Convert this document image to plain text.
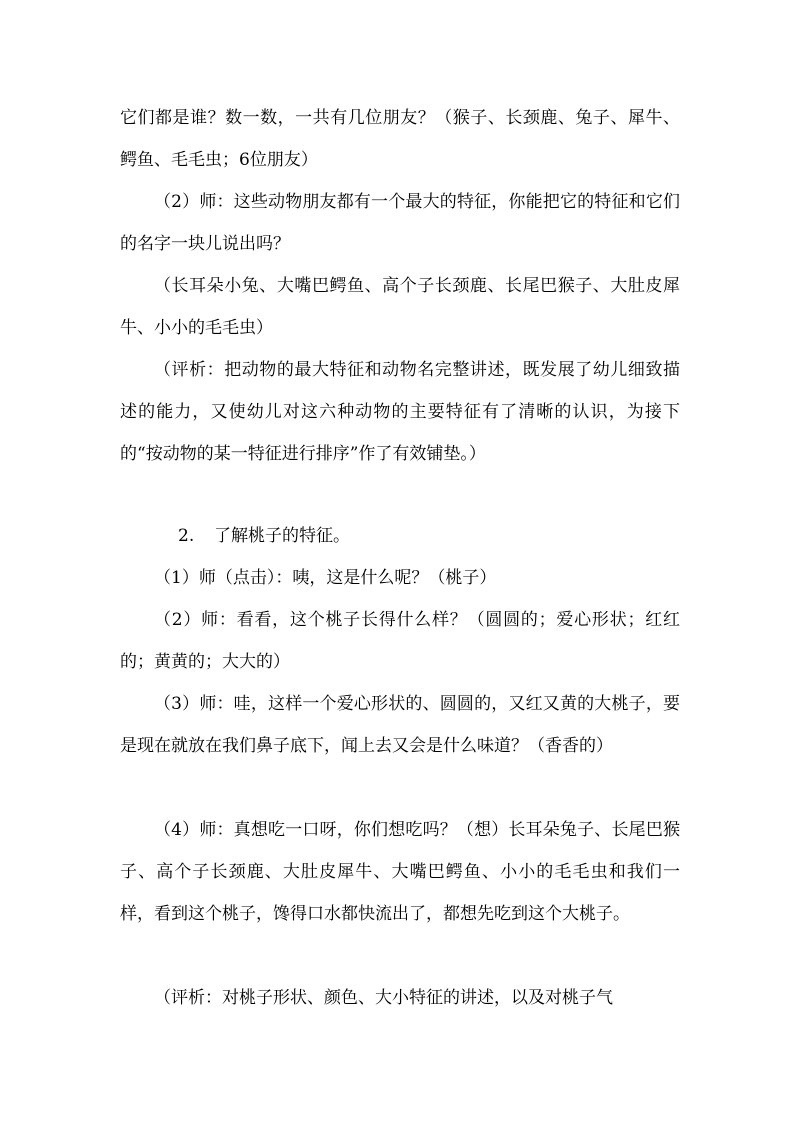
它们都是谁？数一数，一共有几位朋友？（猴子、长颈鹿、兔子、犀牛、鳄鱼、毛毛虫；6位朋友）

（2）师：这些动物朋友都有一个最大的特征，你能把它的特征和它们的名字一块儿说出吗？

（长耳朵小兔、大嘴巴鳄鱼、高个子长颈鹿、长尾巴猴子、大肚皮犀牛、小小的毛毛虫）

（评析：把动物的最大特征和动物名完整讲述，既发展了幼儿细致描述的能力，又使幼儿对这六种动物的主要特征有了清晰的认识，为接下的“按动物的某一特征进行排序”作了有效铺垫。）

2. 了解桃子的特征。

（1）师（点击）：咦，这是什么呢？（桃子）

（2）师：看看，这个桃子长得什么样？（圆圆的；爱心形状；红红的；黄黄的；大大的）

（3）师：哇，这样一个爱心形状的、圆圆的，又红又黄的大桃子，要是现在就放在我们鼻子底下，闻上去又会是什么味道？（香香的）

（4）师：真想吃一口呀，你们想吃吗？（想）长耳朵兔子、长尾巴猴子、高个子长颈鹿、大肚皮犀牛、大嘴巴鳄鱼、小小的毛毛虫和我们一样，看到这个桃子，馋得口水都快流出了，都想先吃到这个大桃子。

（评析：对桃子形状、颜色、大小特征的讲述，以及对桃子气
